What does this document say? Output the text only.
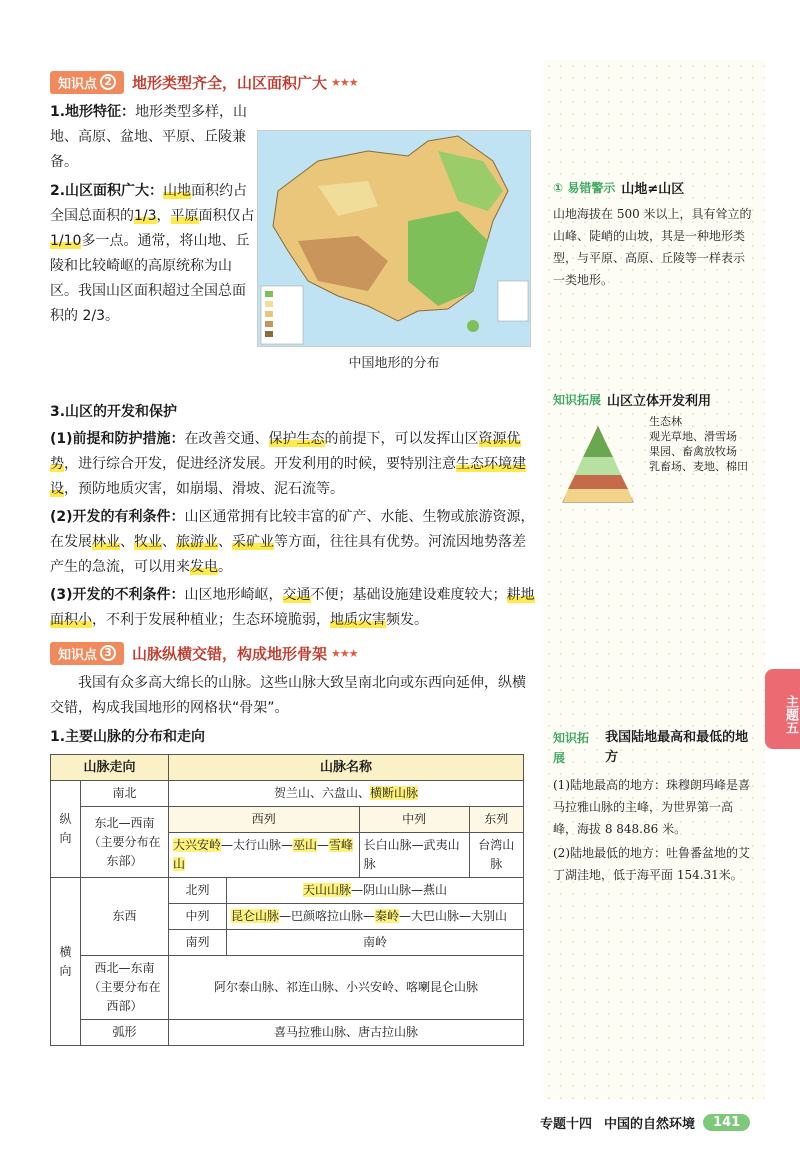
知识点 2 地形类型齐全，山区面积广大 ★★★
1.地形特征：地形类型多样，山地、高原、盆地、平原、丘陵兼备。
2.山区面积广大：山地面积约占全国总面积的1/3，平原面积仅占1/10多一点。通常，将山地、丘陵和比较崎岖的高原统称为山区。我国山区面积超过全国总面积的 2/3。
中国地形的分布
3.山区的开发和保护
(1)前提和防护措施：在改善交通、保护生态的前提下，可以发挥山区资源优势，进行综合开发，促进经济发展。开发利用的时候，要特别注意生态环境建设，预防地质灾害，如崩塌、滑坡、泥石流等。
(2)开发的有利条件：山区通常拥有比较丰富的矿产、水能、生物或旅游资源，在发展林业、牧业、旅游业、采矿业等方面，往往具有优势。河流因地势落差产生的急流，可以用来发电。
(3)开发的不利条件：山区地形崎岖，交通不便；基础设施建设难度较大；耕地面积小，不利于发展种植业；生态环境脆弱，地质灾害频发。
知识点 3 山脉纵横交错，构成地形骨架 ★★★
我国有众多高大绵长的山脉。这些山脉大致呈南北向或东西向延伸，纵横交错，构成我国地形的网格状“骨架”。
1.主要山脉的分布和走向
山脉走向		山脉名称			
纵向	南北	贺兰山、六盘山、横断山脉			
	东北—西南（主要分布在东部）	西列		中列	东列
		大兴安岭—太行山脉—巫山—雪峰山		长白山脉—武夷山脉	台湾山脉
横向	东西	北列	天山山脉—阴山山脉—燕山		
		中列	昆仑山脉—巴颜喀拉山脉—秦岭—大巴山脉—大别山		
		南列	南岭		
	西北—东南（主要分布在西部）	阿尔泰山脉、祁连山脉、小兴安岭、喀喇昆仑山脉			
	弧形	喜马拉雅山脉、唐古拉山脉			
① 易错警示 山地≠山区
山地海拔在 500 米以上，具有耸立的山峰、陡峭的山坡，其是一种地形类型，与平原、高原、丘陵等一样表示一类地形。
知识拓展 山区立体开发利用
生态林
观光草地、滑雪场
果园、畜禽放牧场
乳畜场、麦地、棉田
知识拓展
我国陆地最高和最低的地方
(1)陆地最高的地方：珠穆朗玛峰是喜马拉雅山脉的主峰，为世界第一高峰，海拔 8 848.86 米。
(2)陆地最低的地方：吐鲁番盆地的艾丁湖洼地，低于海平面 154.31米。
主题五
专题十四 中国的自然环境	141
